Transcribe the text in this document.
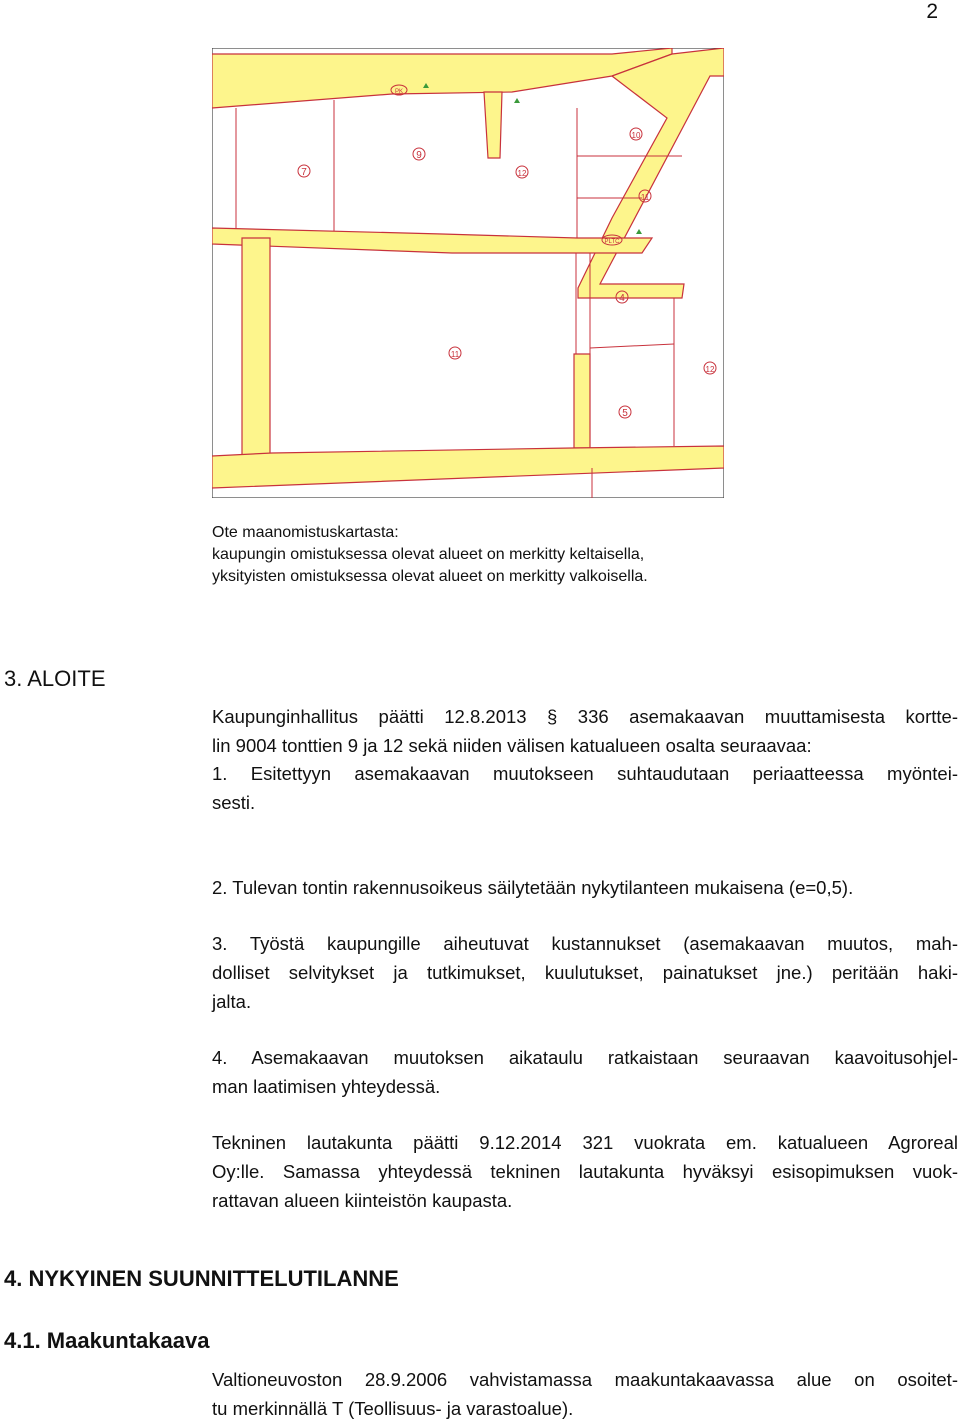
2
PK
7
9
12
10
11
PLTC
4
11
12
5
Ote maanomistuskartasta:
kaupungin omistuksessa olevat alueet on merkitty keltaisella,
yksityisten omistuksessa olevat alueet on merkitty valkoisella.
3. ALOITE
Kaupunginhallitus päätti 12.8.2013 § 336 asemakaavan muuttamisesta kortte-
lin 9004 tonttien 9 ja 12 sekä niiden välisen katualueen osalta seuraavaa:
1. Esitettyyn asemakaavan muutokseen suhtaudutaan periaatteessa myöntei-
sesti.
2. Tulevan tontin rakennusoikeus säilytetään nykytilanteen mukaisena (e=0,5).
3. Työstä kaupungille aiheutuvat kustannukset (asemakaavan muutos, mah-
dolliset selvitykset ja tutkimukset, kuulutukset, painatukset jne.) peritään haki-
jalta.
4. Asemakaavan muutoksen aikataulu ratkaistaan seuraavan kaavoitusohjel-
man laatimisen yhteydessä.
Tekninen lautakunta päätti 9.12.2014 321 vuokrata em. katualueen Agroreal
Oy:lle. Samassa yhteydessä tekninen lautakunta hyväksyi esisopimuksen vuok-
rattavan alueen kiinteistön kaupasta.
4. NYKYINEN SUUNNITTELUTILANNE
4.1. Maakuntakaava
Valtioneuvoston 28.9.2006 vahvistamassa maakuntakaavassa alue on osoitet-
tu merkinnällä T (Teollisuus- ja varastoalue).
